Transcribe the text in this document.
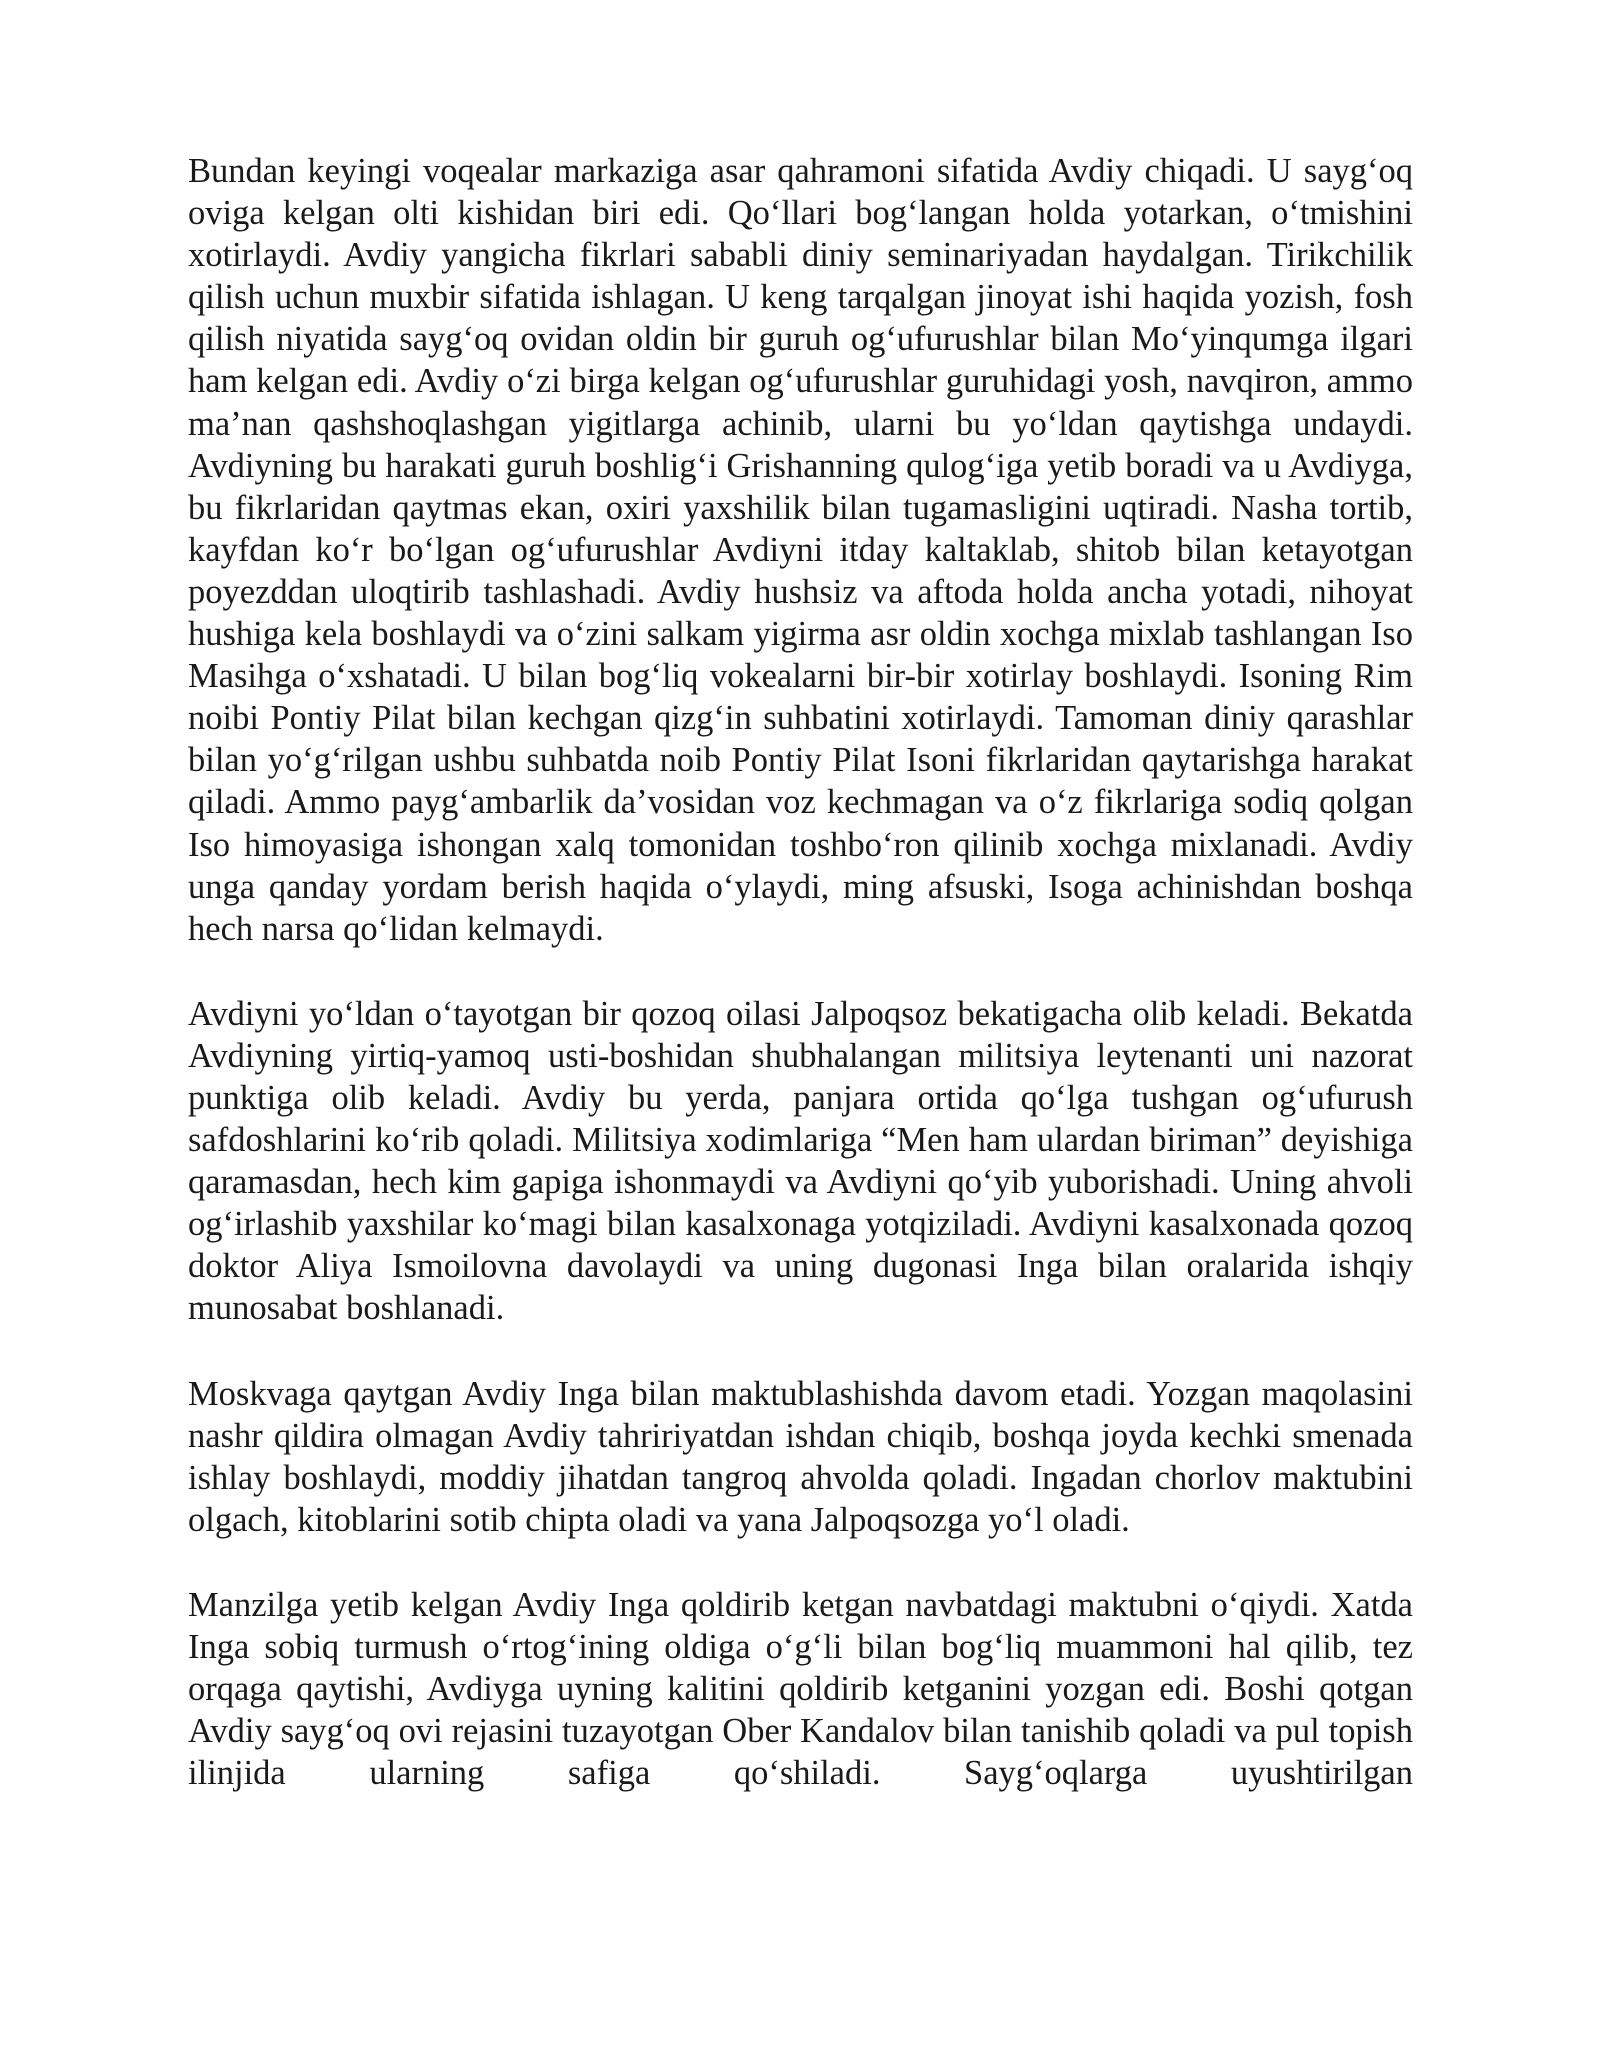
Bundan keyingi voqealar markaziga asar qahramoni sifatida Avdiy chiqadi. U sayg‘oq oviga kelgan olti kishidan biri edi. Qo‘llari bog‘langan holda yotarkan, o‘tmishini xotirlaydi. Avdiy yangicha fikrlari sababli diniy seminariyadan haydalgan. Tirikchilik qilish uchun muxbir sifatida ishlagan. U keng tarqalgan jinoyat ishi haqida yozish, fosh qilish niyatida sayg‘oq ovidan oldin bir guruh og‘ufurushlar bilan Mo‘yinqumga ilgari ham kelgan edi. Avdiy o‘zi birga kelgan og‘ufurushlar guruhidagi yosh, navqiron, ammo ma’nan qashshoqlashgan yigitlarga achinib, ularni bu yo‘ldan qaytishga undaydi. Avdiyning bu harakati guruh boshlig‘i Grishanning qulog‘iga yetib boradi va u Avdiyga, bu fikrlaridan qaytmas ekan, oxiri yaxshilik bilan tugamasligini uqtiradi. Nasha tortib, kayfdan ko‘r bo‘lgan og‘ufurushlar Avdiyni itday kaltaklab, shitob bilan ketayotgan poyezddan uloqtirib tashlashadi. Avdiy hushsiz va aftoda holda ancha yotadi, nihoyat hushiga kela boshlaydi va o‘zini salkam yigirma asr oldin xochga mixlab tashlangan Iso Masihga o‘xshatadi. U bilan bog‘liq vokealarni bir-bir xotirlay boshlaydi. Isoning Rim noibi Pontiy Pilat bilan kechgan qizg‘in suhbatini xotirlaydi. Tamoman diniy qarashlar bilan yo‘g‘rilgan ushbu suhbatda noib Pontiy Pilat Isoni fikrlaridan qaytarishga harakat qiladi. Ammo payg‘ambarlik da’vosidan voz kechmagan va o‘z fikrlariga sodiq qolgan Iso himoyasiga ishongan xalq tomonidan toshbo‘ron qilinib xochga mixlanadi. Avdiy unga qanday yordam berish haqida o‘ylaydi, ming afsuski, Isoga achinishdan boshqa hech narsa qo‘lidan kelmaydi.

Avdiyni yo‘ldan o‘tayotgan bir qozoq oilasi Jalpoqsoz bekatigacha olib keladi. Bekatda Avdiyning yirtiq-yamoq usti-boshidan shubhalangan militsiya leytenanti uni nazorat punktiga olib keladi. Avdiy bu yerda, panjara ortida qo‘lga tushgan og‘ufurush safdoshlarini ko‘rib qoladi. Militsiya xodimlariga “Men ham ulardan biriman” deyishiga qaramasdan, hech kim gapiga ishonmaydi va Avdiyni qo‘yib yuborishadi. Uning ahvoli og‘irlashib yaxshilar ko‘magi bilan kasalxonaga yotqiziladi. Avdiyni kasalxonada qozoq doktor Aliya Ismoilovna davolaydi va uning dugonasi Inga bilan oralarida ishqiy munosabat boshlanadi.

Moskvaga qaytgan Avdiy Inga bilan maktublashishda davom etadi. Yozgan maqolasini nashr qildira olmagan Avdiy tahririyatdan ishdan chiqib, boshqa joyda kechki smenada ishlay boshlaydi, moddiy jihatdan tangroq ahvolda qoladi. Ingadan chorlov maktubini olgach, kitoblarini sotib chipta oladi va yana Jalpoqsozga yo‘l oladi.

Manzilga yetib kelgan Avdiy Inga qoldirib ketgan navbatdagi maktubni o‘qiydi. Xatda Inga sobiq turmush o‘rtog‘ining oldiga o‘g‘li bilan bog‘liq muammoni hal qilib, tez orqaga qaytishi, Avdiyga uyning kalitini qoldirib ketganini yozgan edi. Boshi qotgan Avdiy sayg‘oq ovi rejasini tuzayotgan Ober Kandalov bilan tanishib qoladi va pul topish ilinjida ularning safiga qo‘shiladi. Sayg‘oqlarga uyushtirilgan
